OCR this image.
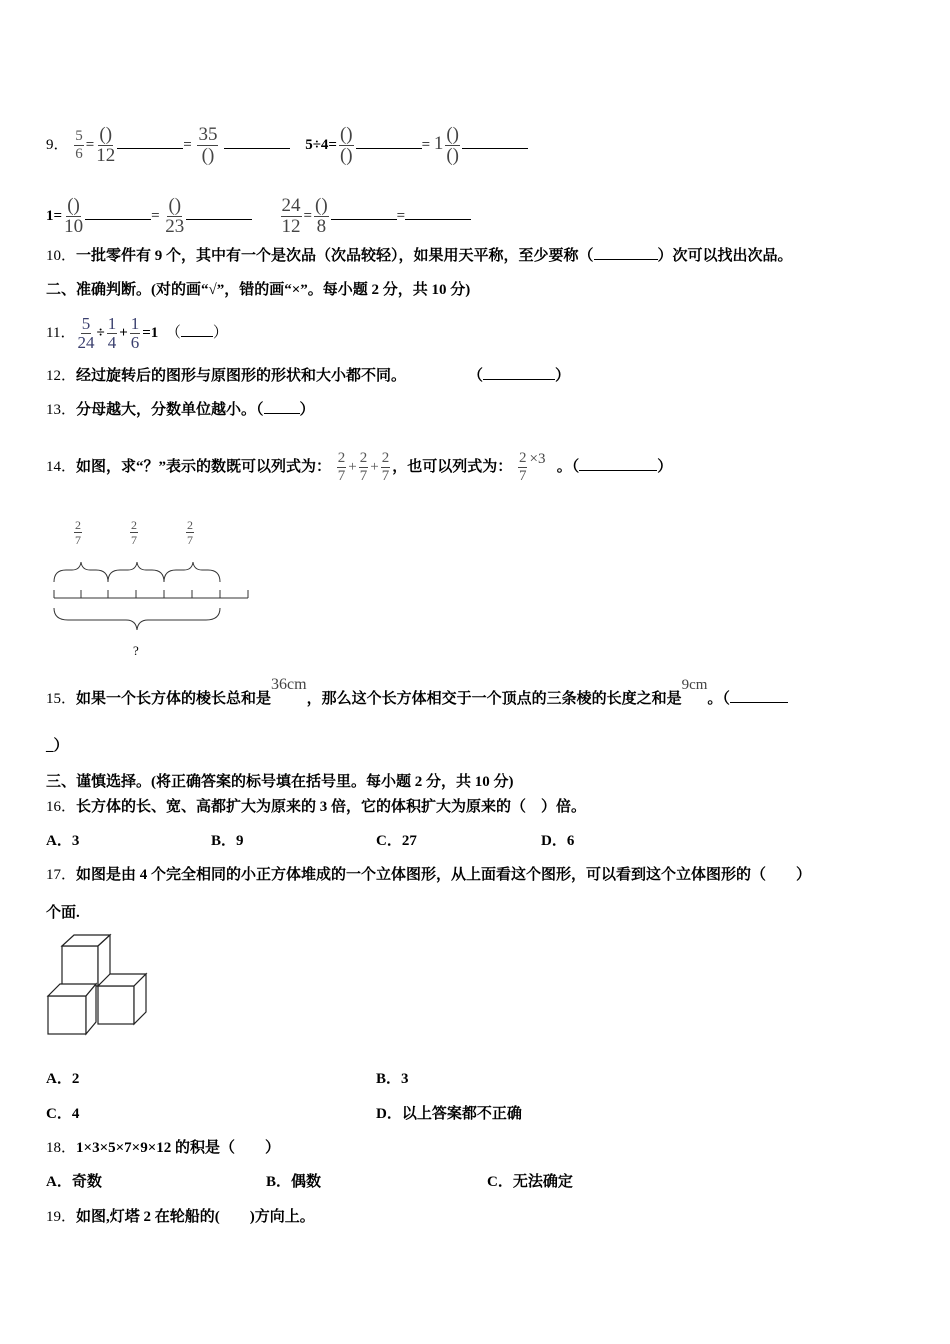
9． $\frac{5}{6} = \frac{()}{12}$	= $\frac{35}{()}$	$5\div 4= \frac{()}{()}$	= $1 \frac{()}{()}$
$1= \frac{()}{10}$	= $\frac{()}{23}$
	$\frac{24}{12} = \frac{()}{8}$	=
10．一批零件有 9 个，其中有一个是次品（次品较轻），如果用天平称，至少要称（	）次可以找出次品。
二、准确判断。(对的画“√”，错的画“×”。每小题 2 分，共 10 分)
11． $\frac{5}{24} \div \frac{1}{4} + \frac{1}{6} =1$ （ ）
12．经过旋转后的图形与原图形的形状和大小都不同。	（	）
13．分母越大，分数单位越小。（ ）
14．如图，求“？”表示的数既可以列式为： $\frac{2}{7} + \frac{2}{7} + \frac{2}{7}$ ，也可以列式为： $\frac{2}{7} \times 3$ 。（	）
$\frac{2}{7}$	$\frac{2}{7}$	$\frac{2}{7}$
?
15．如果一个长方体的棱长总和是36cm，那么这个长方体相交于一个顶点的三条棱的长度之和是9cm。（
_）
三、谨慎选择。(将正确答案的标号填在括号里。每小题 2 分，共 10 分)
16．长方体的长、宽、高都扩大为原来的 3 倍，它的体积扩大为原来的（　）倍。
A．3	B．9	C．27	D．6
17．如图是由 4 个完全相同的小正方体堆成的一个立体图形，从上面看这个图形，可以看到这个立体图形的（　　）
个面.
A．2	B．3
C．4	D．以上答案都不正确
18．1×3×5×7×9×12 的积是（　　）
A．奇数	B．偶数	C．无法确定
19．如图,灯塔 2 在轮船的(　　)方向上。
